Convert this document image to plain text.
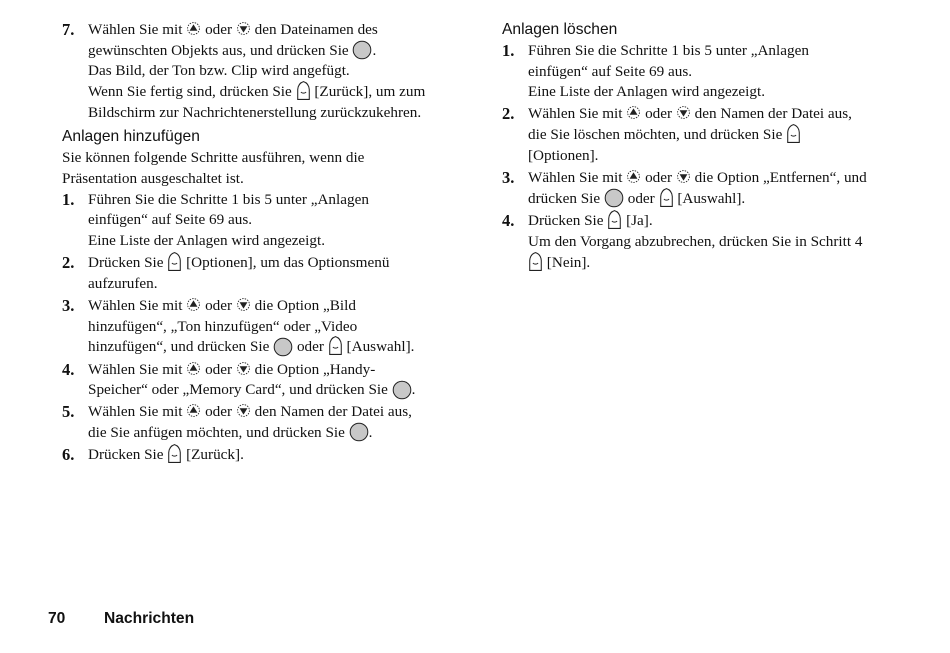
7. Wählen Sie mit oder den Dateinamen des
gewünschten Objekts aus, und drücken Sie .
Das Bild, der Ton bzw. Clip wird angefügt.
Wenn Sie fertig sind, drücken Sie [Zurück], um zum
Bildschirm zur Nachrichtenerstellung zurückzukehren.
Anlagen hinzufügen

Sie können folgende Schritte ausführen, wenn die
Präsentation ausgeschaltet ist.

1. Führen Sie die Schritte 1 bis 5 unter „Anlagen
einfügen“ auf Seite 69 aus.
Eine Liste der Anlagen wird angezeigt.
2. Drücken Sie [Optionen], um das Optionsmenü
aufzurufen.
3. Wählen Sie mit oder die Option „Bild
hinzufügen“, „Ton hinzufügen“ oder „Video
hinzufügen“, und drücken Sie oder [Auswahl].
4. Wählen Sie mit oder die Option „Handy-
Speicher“ oder „Memory Card“, und drücken Sie .
5. Wählen Sie mit oder den Namen der Datei aus,
die Sie anfügen möchten, und drücken Sie .
6. Drücken Sie [Zurück].
Anlagen löschen
1. Führen Sie die Schritte 1 bis 5 unter „Anlagen
einfügen“ auf Seite 69 aus.
Eine Liste der Anlagen wird angezeigt.
2. Wählen Sie mit oder den Namen der Datei aus,
die Sie löschen möchten, und drücken Sie
[Optionen].
3. Wählen Sie mit oder die Option „Entfernen“, und
drücken Sie oder [Auswahl].
4. Drücken Sie [Ja].
Um den Vorgang abzubrechen, drücken Sie in Schritt 4
[Nein].
70 Nachrichten
